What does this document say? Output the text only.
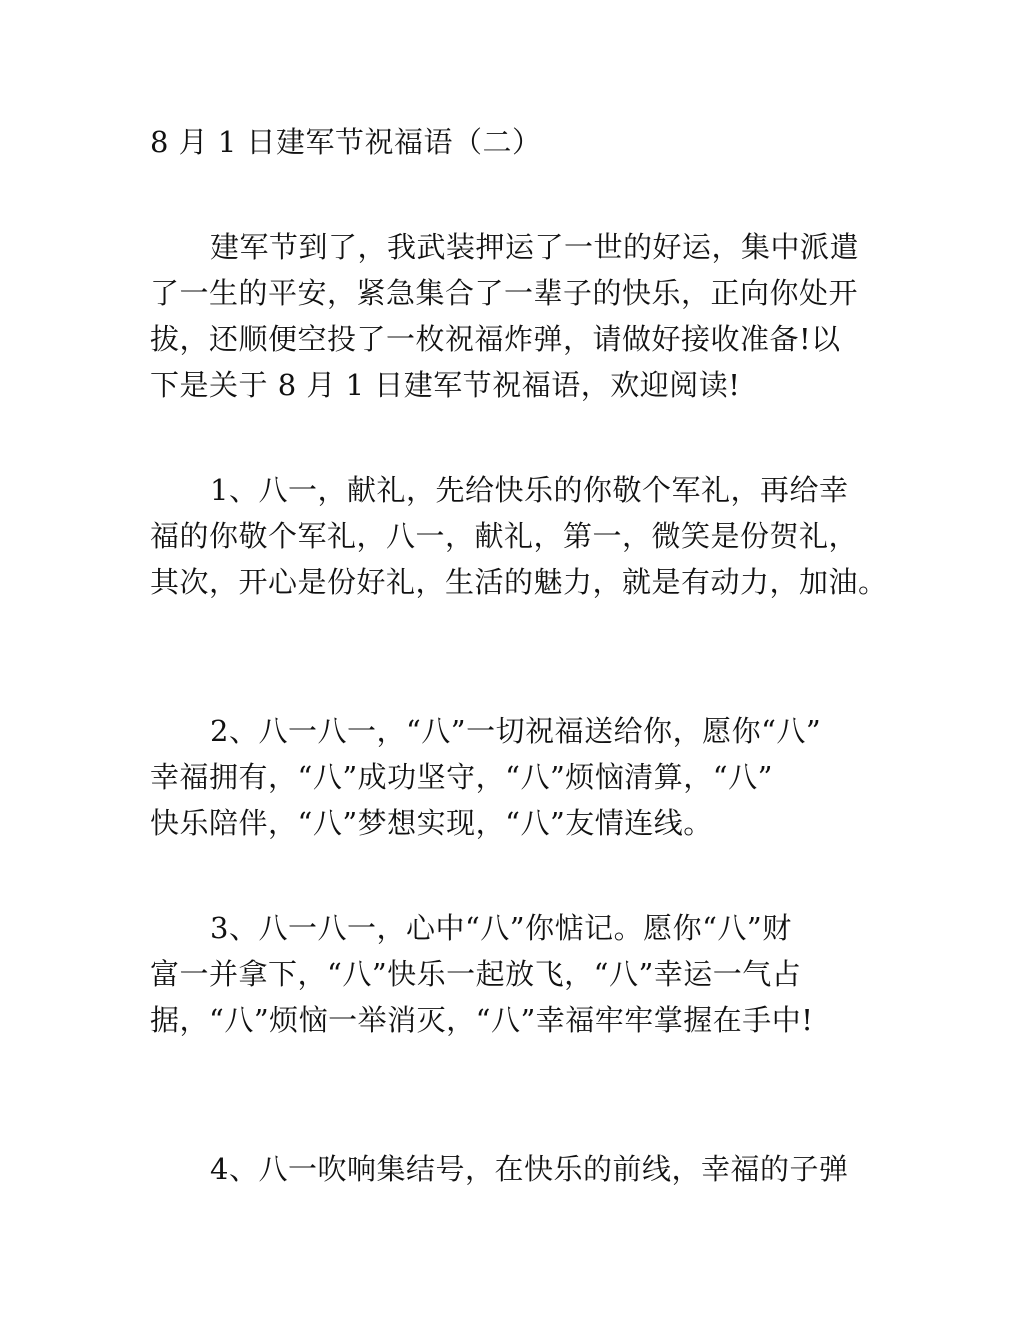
8 月 1 日建军节祝福语（二）
建军节到了，我武装押运了一世的好运，集中派遣
了一生的平安，紧急集合了一辈子的快乐，正向你处开
拔，还顺便空投了一枚祝福炸弹，请做好接收准备!以
下是关于 8 月 1 日建军节祝福语，欢迎阅读!
1、八一，献礼，先给快乐的你敬个军礼，再给幸
福的你敬个军礼，八一，献礼，第一，微笑是份贺礼，
其次，开心是份好礼，生活的魅力，就是有动力，加油。
2、八一八一，“八”一切祝福送给你，愿你“八”
幸福拥有，“八”成功坚守，“八”烦恼清算，“八”
快乐陪伴，“八”梦想实现，“八”友情连线。
3、八一八一，心中“八”你惦记。愿你“八”财
富一并拿下，“八”快乐一起放飞，“八”幸运一气占
据，“八”烦恼一举消灭，“八”幸福牢牢掌握在手中!
4、八一吹响集结号，在快乐的前线，幸福的子弹
